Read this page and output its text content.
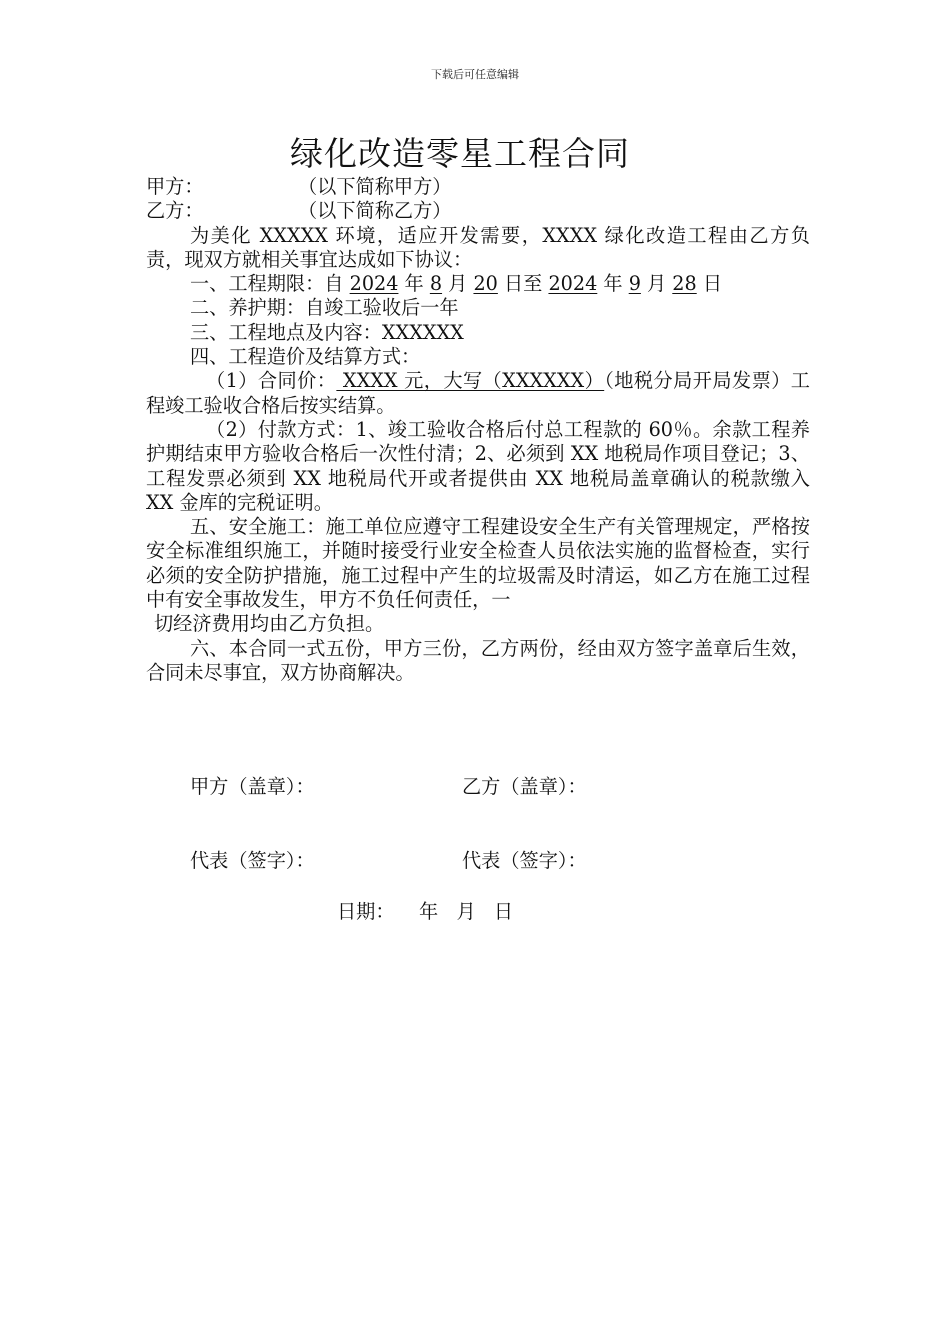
下载后可任意编辑
绿化改造零星工程合同

甲方：	（以下简称甲方）

乙方：	（以下简称乙方）

为美化 XXXXX 环境，适应开发需要，XXXX 绿化改造工程由乙方负责，现双方就相关事宜达成如下协议：

一、工程期限：自 2024 年 8 月 20 日至 2024 年 9 月 28 日

二、养护期：自竣工验收后一年

三、工程地点及内容：XXXXXX

四、工程造价及结算方式：

（1）合同价： XXXX 元，大写（XXXXXX）（地税分局开局发票）工程竣工验收合格后按实结算。

（2）付款方式：1、竣工验收合格后付总工程款的 60％。余款工程养护期结束甲方验收合格后一次性付清；2、必须到 XX 地税局作项目登记；3、工程发票必须到 XX 地税局代开或者提供由 XX 地税局盖章确认的税款缴入 XX 金库的完税证明。

五、安全施工：施工单位应遵守工程建设安全生产有关管理规定，严格按安全标准组织施工，并随时接受行业安全检查人员依法实施的监督检查，实行必须的安全防护措施，施工过程中产生的垃圾需及时清运，如乙方在施工过程中有安全事故发生，甲方不负任何责任，一

切经济费用均由乙方负担。

六、本合同一式五份，甲方三份，乙方两份，经由双方签字盖章后生效，合同未尽事宜，双方协商解决。

甲方（盖章）：	乙方（盖章）：
代表（签字）：	代表（签字）：
日期：    年   月   日
